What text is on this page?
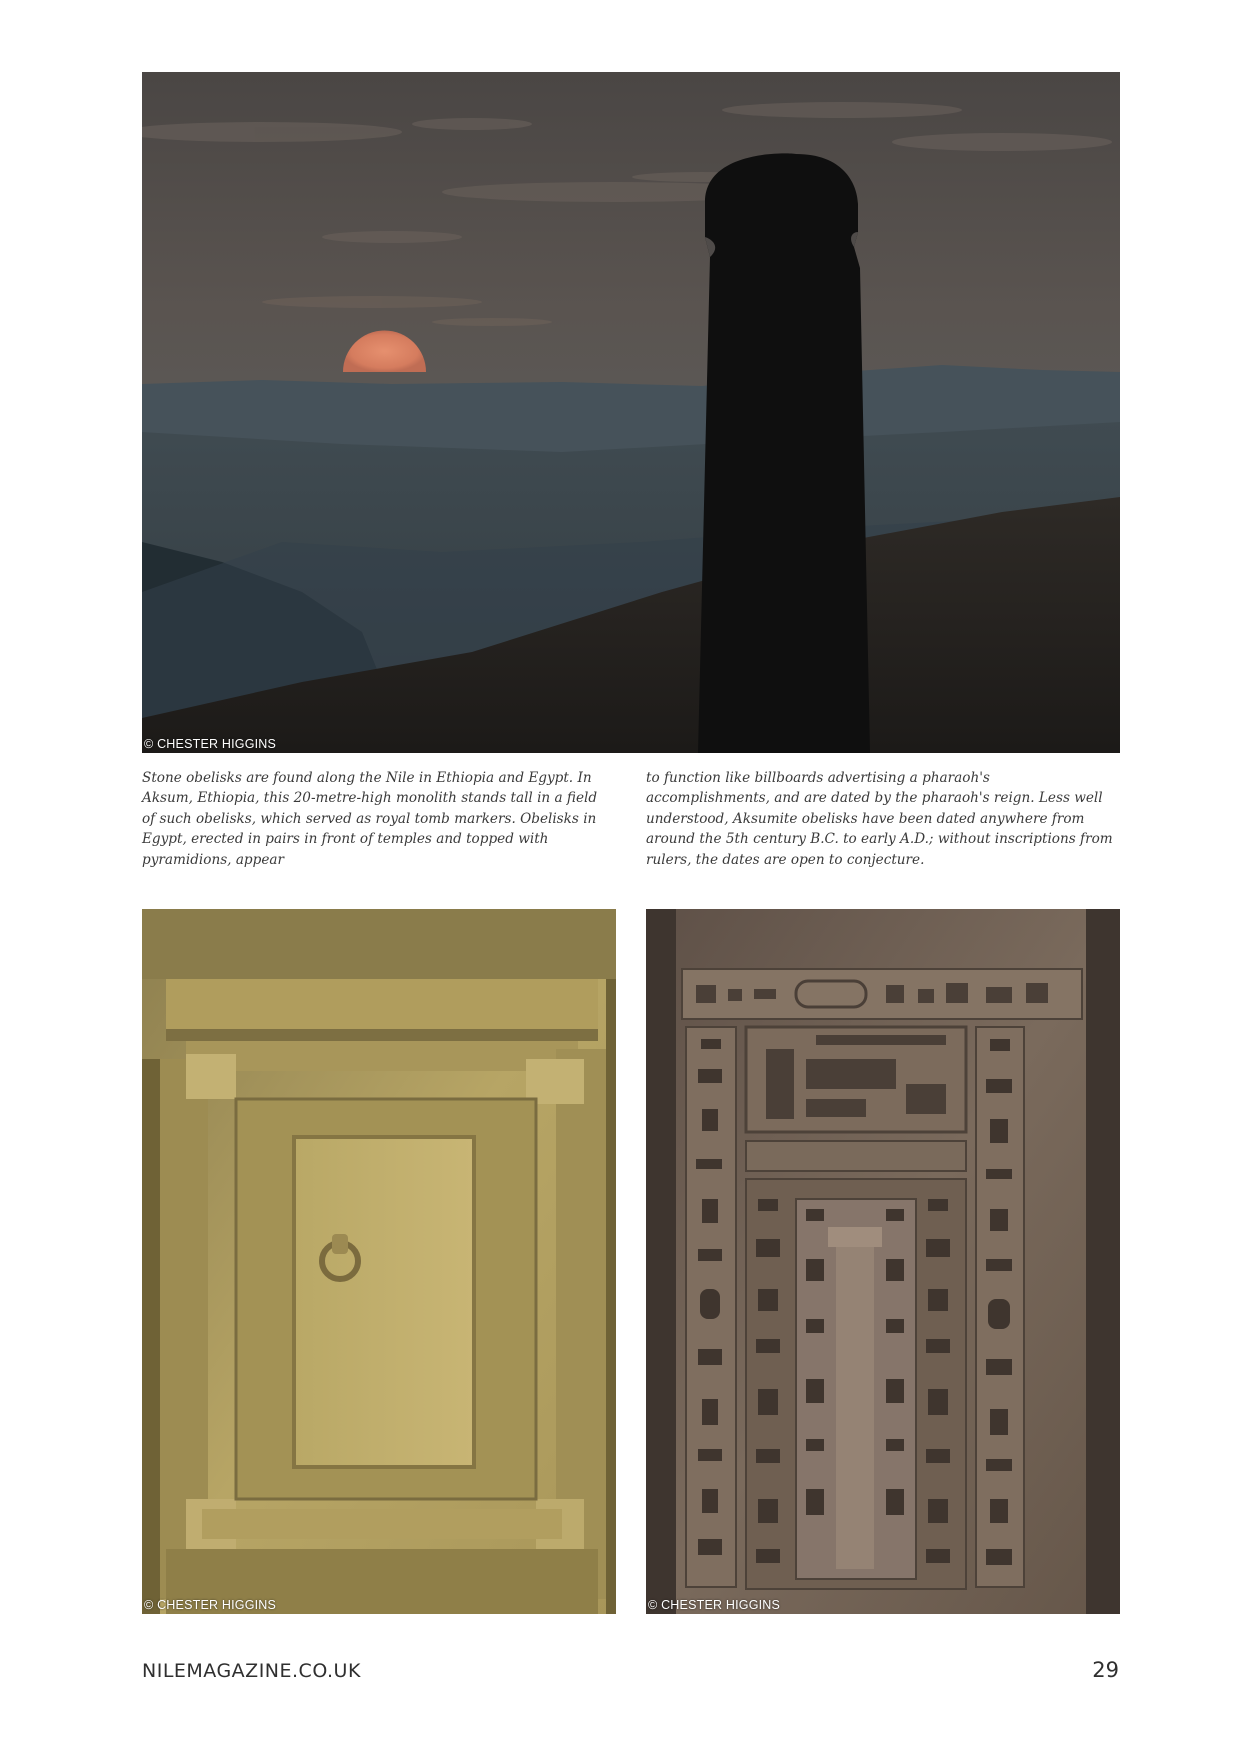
© CHESTER HIGGINS

Stone obelisks are found along the Nile in Ethiopia and Egypt. In Aksum, Ethiopia, this 20-metre-high monolith stands tall in a field of such obelisks, which served as royal tomb markers. Obelisks in Egypt, erected in pairs in front of temples and topped with pyramidions, appear

to function like billboards advertising a pharaoh's accomplishments, and are dated by the pharaoh's reign. Less well understood, Aksumite obelisks have been dated anywhere from around the 5th century B.C. to early A.D.; without inscriptions from rulers, the dates are open to conjecture.

© CHESTER HIGGINS	© CHESTER HIGGINS
NILEMAGAZINE.CO.UK	29
